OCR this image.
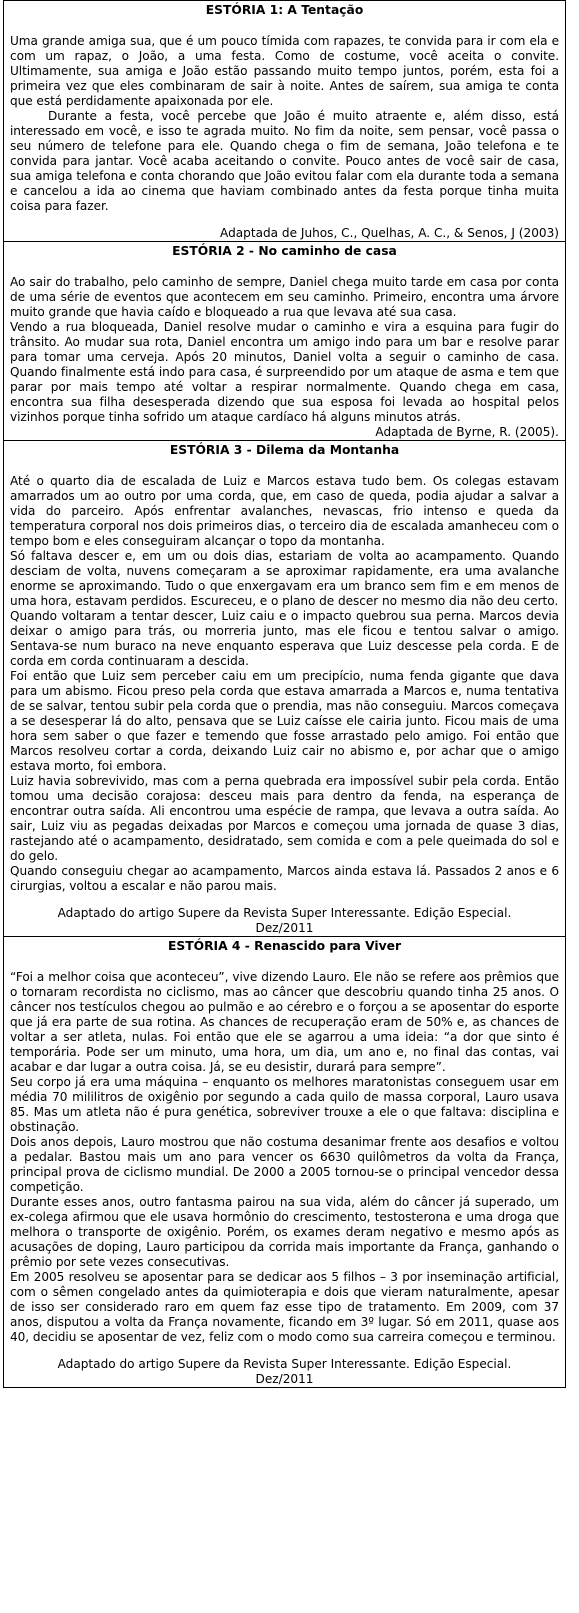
ESTÓRIA 1: A Tentação

Uma grande amiga sua, que é um pouco tímida com rapazes, te convida para ir com ela e com um rapaz, o João, a uma festa. Como de costume, você aceita o convite. Ultimamente, sua amiga e João estão passando muito tempo juntos, porém, esta foi a primeira vez que eles combinaram de sair à noite. Antes de saírem, sua amiga te conta que está perdidamente apaixonada por ele.

Durante a festa, você percebe que João é muito atraente e, além disso, está interessado em você, e isso te agrada muito. No fim da noite, sem pensar, você passa o seu número de telefone para ele. Quando chega o fim de semana, João telefona e te convida para jantar. Você acaba aceitando o convite. Pouco antes de você sair de casa, sua amiga telefona e conta chorando que João evitou falar com ela durante toda a semana e cancelou a ida ao cinema que haviam combinado antes da festa porque tinha muita coisa para fazer.

Adaptada de Juhos, C., Quelhas, A. C., & Senos, J (2003)
ESTÓRIA 2 - No caminho de casa

Ao sair do trabalho, pelo caminho de sempre, Daniel chega muito tarde em casa por conta de uma série de eventos que acontecem em seu caminho. Primeiro, encontra uma árvore muito grande que havia caído e bloqueado a rua que levava até sua casa.

Vendo a rua bloqueada, Daniel resolve mudar o caminho e vira a esquina para fugir do trânsito. Ao mudar sua rota, Daniel encontra um amigo indo para um bar e resolve parar para tomar uma cerveja. Após 20 minutos, Daniel volta a seguir o caminho de casa. Quando finalmente está indo para casa, é surpreendido por um ataque de asma e tem que parar por mais tempo até voltar a respirar normalmente. Quando chega em casa, encontra sua filha desesperada dizendo que sua esposa foi levada ao hospital pelos vizinhos porque tinha sofrido um ataque cardíaco há alguns minutos atrás.

Adaptada de Byrne, R. (2005).
ESTÓRIA 3 - Dilema da Montanha

Até o quarto dia de escalada de Luiz e Marcos estava tudo bem. Os colegas estavam amarrados um ao outro por uma corda, que, em caso de queda, podia ajudar a salvar a vida do parceiro. Após enfrentar avalanches, nevascas, frio intenso e queda da temperatura corporal nos dois primeiros dias, o terceiro dia de escalada amanheceu com o tempo bom e eles conseguiram alcançar o topo da montanha.

Só faltava descer e, em um ou dois dias, estariam de volta ao acampamento. Quando desciam de volta, nuvens começaram a se aproximar rapidamente, era uma avalanche enorme se aproximando. Tudo o que enxergavam era um branco sem fim e em menos de uma hora, estavam perdidos. Escureceu, e o plano de descer no mesmo dia não deu certo.

Quando voltaram a tentar descer, Luiz caiu e o impacto quebrou sua perna. Marcos devia deixar o amigo para trás, ou morreria junto, mas ele ficou e tentou salvar o amigo. Sentava-se num buraco na neve enquanto esperava que Luiz descesse pela corda. E de corda em corda continuaram a descida.

Foi então que Luiz sem perceber caiu em um precipício, numa fenda gigante que dava para um abismo. Ficou preso pela corda que estava amarrada a Marcos e, numa tentativa de se salvar, tentou subir pela corda que o prendia, mas não conseguiu. Marcos começava a se desesperar lá do alto, pensava que se Luiz caísse ele cairia junto. Ficou mais de uma hora sem saber o que fazer e temendo que fosse arrastado pelo amigo. Foi então que Marcos resolveu cortar a corda, deixando Luiz cair no abismo e, por achar que o amigo estava morto, foi embora.

Luiz havia sobrevivido, mas com a perna quebrada era impossível subir pela corda. Então tomou uma decisão corajosa: desceu mais para dentro da fenda, na esperança de encontrar outra saída. Ali encontrou uma espécie de rampa, que levava a outra saída. Ao sair, Luiz viu as pegadas deixadas por Marcos e começou uma jornada de quase 3 dias, rastejando até o acampamento, desidratado, sem comida e com a pele queimada do sol e do gelo.

Quando conseguiu chegar ao acampamento, Marcos ainda estava lá. Passados 2 anos e 6 cirurgias, voltou a escalar e não parou mais.

Adaptado do artigo Supere da Revista Super Interessante. Edição Especial.
Dez/2011
ESTÓRIA 4 - Renascido para Viver

“Foi a melhor coisa que aconteceu”, vive dizendo Lauro. Ele não se refere aos prêmios que o tornaram recordista no ciclismo, mas ao câncer que descobriu quando tinha 25 anos. O câncer nos testículos chegou ao pulmão e ao cérebro e o forçou a se aposentar do esporte que já era parte de sua rotina. As chances de recuperação eram de 50% e, as chances de voltar a ser atleta, nulas. Foi então que ele se agarrou a uma ideia: “a dor que sinto é temporária. Pode ser um minuto, uma hora, um dia, um ano e, no final das contas, vai acabar e dar lugar a outra coisa. Já, se eu desistir, durará para sempre”.

Seu corpo já era uma máquina – enquanto os melhores maratonistas conseguem usar em média 70 mililitros de oxigênio por segundo a cada quilo de massa corporal, Lauro usava 85. Mas um atleta não é pura genética, sobreviver trouxe a ele o que faltava: disciplina e obstinação.

Dois anos depois, Lauro mostrou que não costuma desanimar frente aos desafios e voltou a pedalar. Bastou mais um ano para vencer os 6630 quilômetros da volta da França, principal prova de ciclismo mundial. De 2000 a 2005 tornou-se o principal vencedor dessa competição.

Durante esses anos, outro fantasma pairou na sua vida, além do câncer já superado, um ex-colega afirmou que ele usava hormônio do crescimento, testosterona e uma droga que melhora o transporte de oxigênio. Porém, os exames deram negativo e mesmo após as acusações de doping, Lauro participou da corrida mais importante da França, ganhando o prêmio por sete vezes consecutivas.

Em 2005 resolveu se aposentar para se dedicar aos 5 filhos – 3 por inseminação artificial, com o sêmen congelado antes da quimioterapia e dois que vieram naturalmente, apesar de isso ser considerado raro em quem faz esse tipo de tratamento. Em 2009, com 37 anos, disputou a volta da França novamente, ficando em 3º lugar. Só em 2011, quase aos 40, decidiu se aposentar de vez, feliz com o modo como sua carreira começou e terminou.

Adaptado do artigo Supere da Revista Super Interessante. Edição Especial.
Dez/2011
